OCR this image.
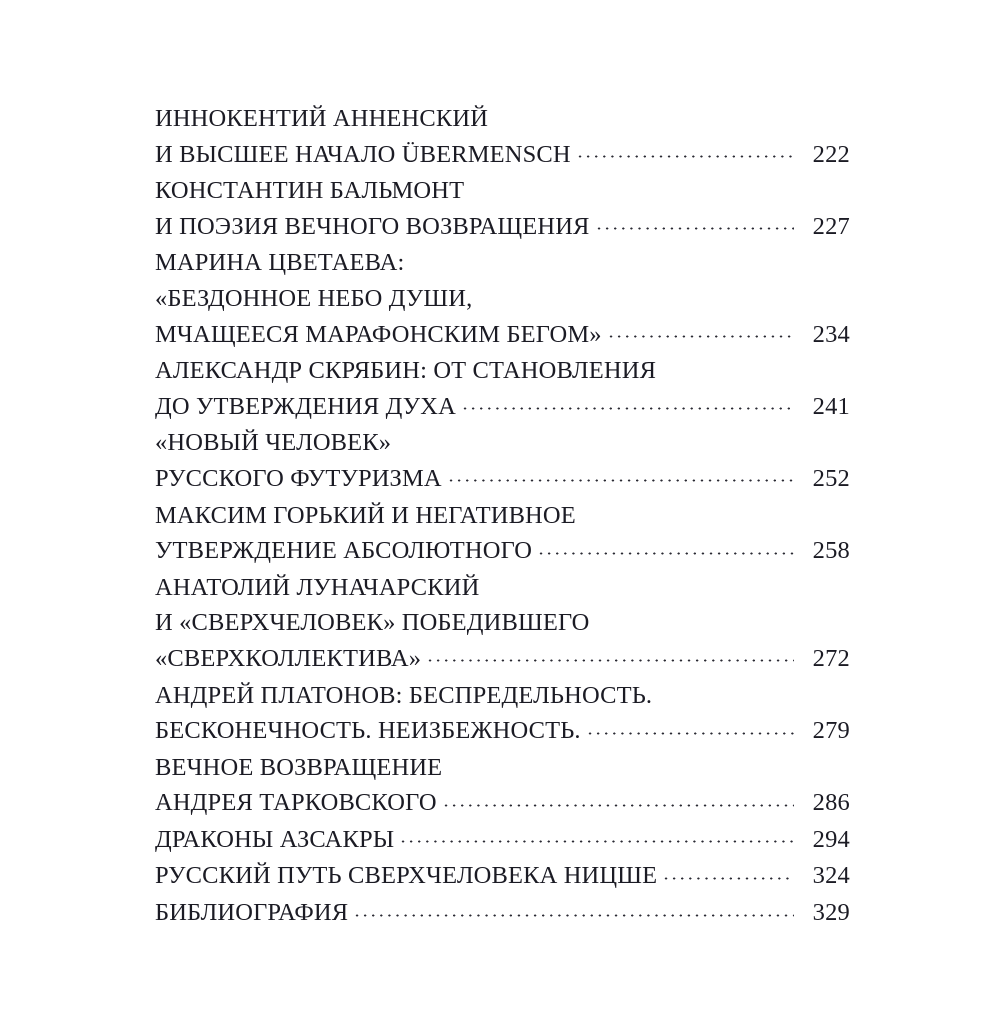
ИННОКЕНТИЙ АННЕНСКИЙ
И ВЫСШЕЕ НАЧАЛО ÜBERMENSCH	222
КОНСТАНТИН БАЛЬМОНТ
И ПОЭЗИЯ ВЕЧНОГО ВОЗВРАЩЕНИЯ	227
МАРИНА ЦВЕТАЕВА:
«БЕЗДОННОЕ НЕБО ДУШИ,
МЧАЩЕЕСЯ МАРАФОНСКИМ БЕГОМ»	234
АЛЕКСАНДР СКРЯБИН: ОТ СТАНОВЛЕНИЯ
ДО УТВЕРЖДЕНИЯ ДУХА	241
«НОВЫЙ ЧЕЛОВЕК»
РУССКОГО ФУТУРИЗМА	252
МАКСИМ ГОРЬКИЙ И НЕГАТИВНОЕ
УТВЕРЖДЕНИЕ АБСОЛЮТНОГО	258
АНАТОЛИЙ ЛУНАЧАРСКИЙ
И «СВЕРХЧЕЛОВЕК» ПОБЕДИВШЕГО
«СВЕРХКОЛЛЕКТИВА»	272
АНДРЕЙ ПЛАТОНОВ: БЕСПРЕДЕЛЬНОСТЬ.
БЕСКОНЕЧНОСТЬ. НЕИЗБЕЖНОСТЬ.	279
ВЕЧНОЕ ВОЗВРАЩЕНИЕ
АНДРЕЯ ТАРКОВСКОГО	286
ДРАКОНЫ АЗСАКРЫ	294
РУССКИЙ ПУТЬ СВЕРХЧЕЛОВЕКА НИЦШЕ	324
БИБЛИОГРАФИЯ	329
